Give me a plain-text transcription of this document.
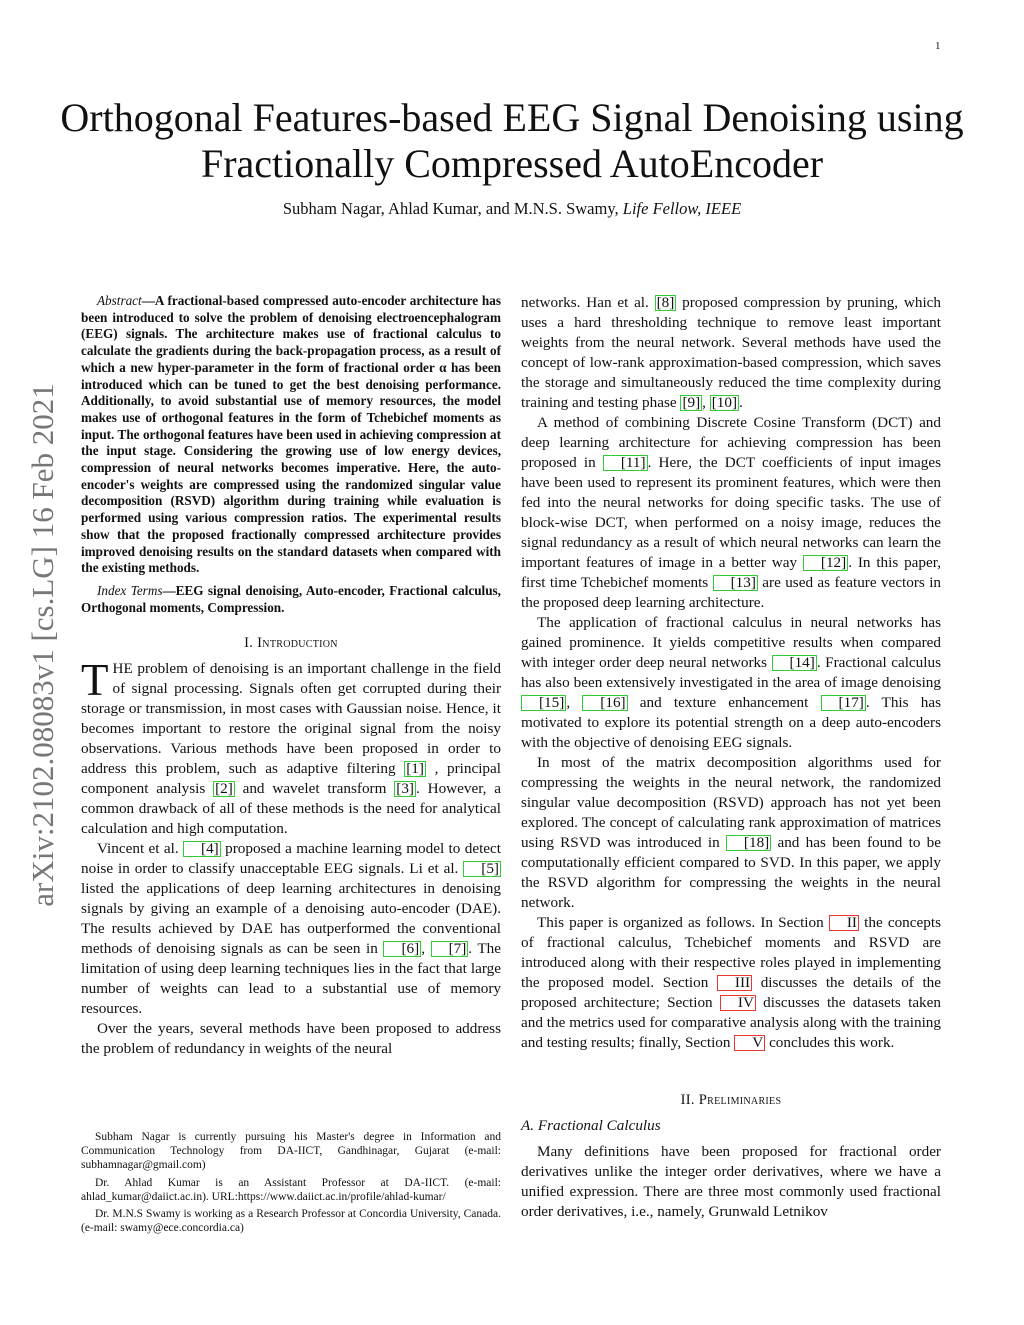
1
Orthogonal Features-based EEG Signal Denoising using Fractionally Compressed AutoEncoder
Subham Nagar, Ahlad Kumar, and M.N.S. Swamy, Life Fellow, IEEE
arXiv:2102.08083v1 [cs.LG] 16 Feb 2021

Abstract—A fractional-based compressed auto-encoder architecture has been introduced to solve the problem of denoising electroencephalogram (EEG) signals. The architecture makes use of fractional calculus to calculate the gradients during the back-propagation process, as a result of which a new hyper-parameter in the form of fractional order α has been introduced which can be tuned to get the best denoising performance. Additionally, to avoid substantial use of memory resources, the model makes use of orthogonal features in the form of Tchebichef moments as input. The orthogonal features have been used in achieving compression at the input stage. Considering the growing use of low energy devices, compression of neural networks becomes imperative. Here, the auto-encoder's weights are compressed using the randomized singular value decomposition (RSVD) algorithm during training while evaluation is performed using various compression ratios. The experimental results show that the proposed fractionally compressed architecture provides improved denoising results on the standard datasets when compared with the existing methods.

Index Terms—EEG signal denoising, Auto-encoder, Fractional calculus, Orthogonal moments, Compression.

I. Introduction

THE problem of denoising is an important challenge in the field of signal processing. Signals often get corrupted during their storage or transmission, in most cases with Gaussian noise. Hence, it becomes important to restore the original signal from the noisy observations. Various methods have been proposed in order to address this problem, such as adaptive filtering [1] , principal component analysis [2] and wavelet transform [3] . However, a common drawback of all of these methods is the need for analytical calculation and high computation.

Vincent et al. [4] proposed a machine learning model to detect noise in order to classify unacceptable EEG signals. Li et al. [5] listed the applications of deep learning architectures in denoising signals by giving an example of a denoising auto-encoder (DAE). The results achieved by DAE has outperformed the conventional methods of denoising signals as can be seen in [6] , [7] . The limitation of using deep learning techniques lies in the fact that large number of weights can lead to a substantial use of memory resources.

Over the years, several methods have been proposed to address the problem of redundancy in weights of the neural

Subham Nagar is currently pursuing his Master's degree in Information and Communication Technology from DA-IICT, Gandhinagar, Gujarat (e-mail: subhamnagar@gmail.com)

Dr. Ahlad Kumar is an Assistant Professor at DA-IICT. (e-mail: ahlad_kumar@daiict.ac.in). URL:https://www.daiict.ac.in/profile/ahlad-kumar/

Dr. M.N.S Swamy is working as a Research Professor at Concordia University, Canada. (e-mail: swamy@ece.concordia.ca)

networks. Han et al. [8] proposed compression by pruning, which uses a hard thresholding technique to remove least important weights from the neural network. Several methods have used the concept of low-rank approximation-based compression, which saves the storage and simultaneously reduced the time complexity during training and testing phase [9] , [10] .

A method of combining Discrete Cosine Transform (DCT) and deep learning architecture for achieving compression has been proposed in [11] . Here, the DCT coefficients of input images have been used to represent its prominent features, which were then fed into the neural networks for doing specific tasks. The use of block-wise DCT, when performed on a noisy image, reduces the signal redundancy as a result of which neural networks can learn the important features of image in a better way [12] . In this paper, first time Tchebichef moments [13] are used as feature vectors in the proposed deep learning architecture.

The application of fractional calculus in neural networks has gained prominence. It yields competitive results when compared with integer order deep neural networks [14] . Fractional calculus has also been extensively investigated in the area of image denoising [15] , [16] and texture enhancement [17] . This has motivated to explore its potential strength on a deep auto-encoders with the objective of denoising EEG signals.

In most of the matrix decomposition algorithms used for compressing the weights in the neural network, the randomized singular value decomposition (RSVD) approach has not yet been explored. The concept of calculating rank approximation of matrices using RSVD was introduced in [18] and has been found to be computationally efficient compared to SVD. In this paper, we apply the RSVD algorithm for compressing the weights in the neural network.

This paper is organized as follows. In Section II the concepts of fractional calculus, Tchebichef moments and RSVD are introduced along with their respective roles played in implementing the proposed model. Section III discusses the details of the proposed architecture; Section IV discusses the datasets taken and the metrics used for comparative analysis along with the training and testing results; finally, Section V concludes this work.

II. Preliminaries
A. Fractional Calculus

Many definitions have been proposed for fractional order derivatives unlike the integer order derivatives, where we have a unified expression. There are three most commonly used fractional order derivatives, i.e., namely, Grunwald Letnikov
